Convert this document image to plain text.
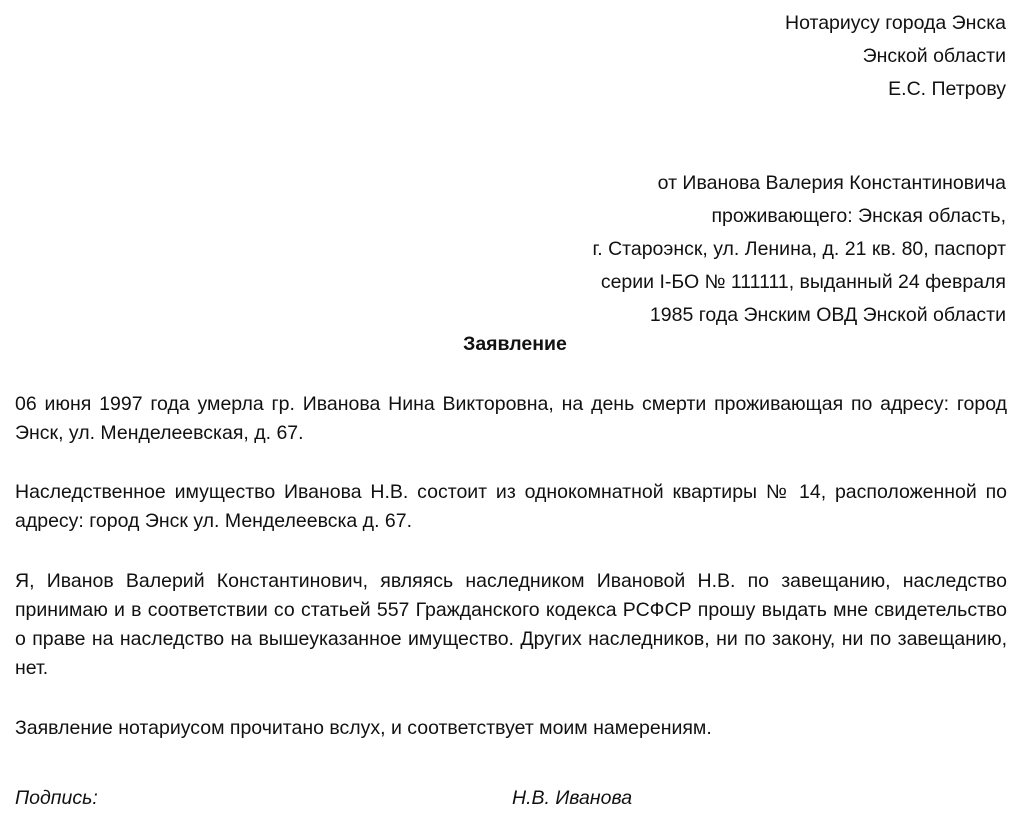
Нотариусу города Энска
Энской области
Е.С. Петрову
от Иванова Валерия Константиновича
проживающего: Энская область,
г. Староэнск, ул. Ленина, д. 21 кв. 80, паспорт
серии I-БО № 111111, выданный 24 февраля
1985 года Энским ОВД Энской области
Заявление

06 июня 1997 года умерла гр. Иванова Нина Викторовна, на день смерти проживающая по адресу: город Энск, ул. Менделеевская, д. 67.

Наследственное имущество Иванова Н.В. состоит из однокомнатной квартиры № 14, расположенной по адресу: город Энск ул. Менделеевска д. 67.

Я, Иванов Валерий Константинович, являясь наследником Ивановой Н.В. по завещанию, наследство принимаю и в соответствии со статьей 557 Гражданского кодекса РСФСР прошу выдать мне свидетельство о праве на наследство на вышеуказанное имущество. Других наследников, ни по закону, ни по завещанию, нет.

Заявление нотариусом прочитано вслух, и соответствует моим намерениям.

Подпись:	Н.В. Иванова
